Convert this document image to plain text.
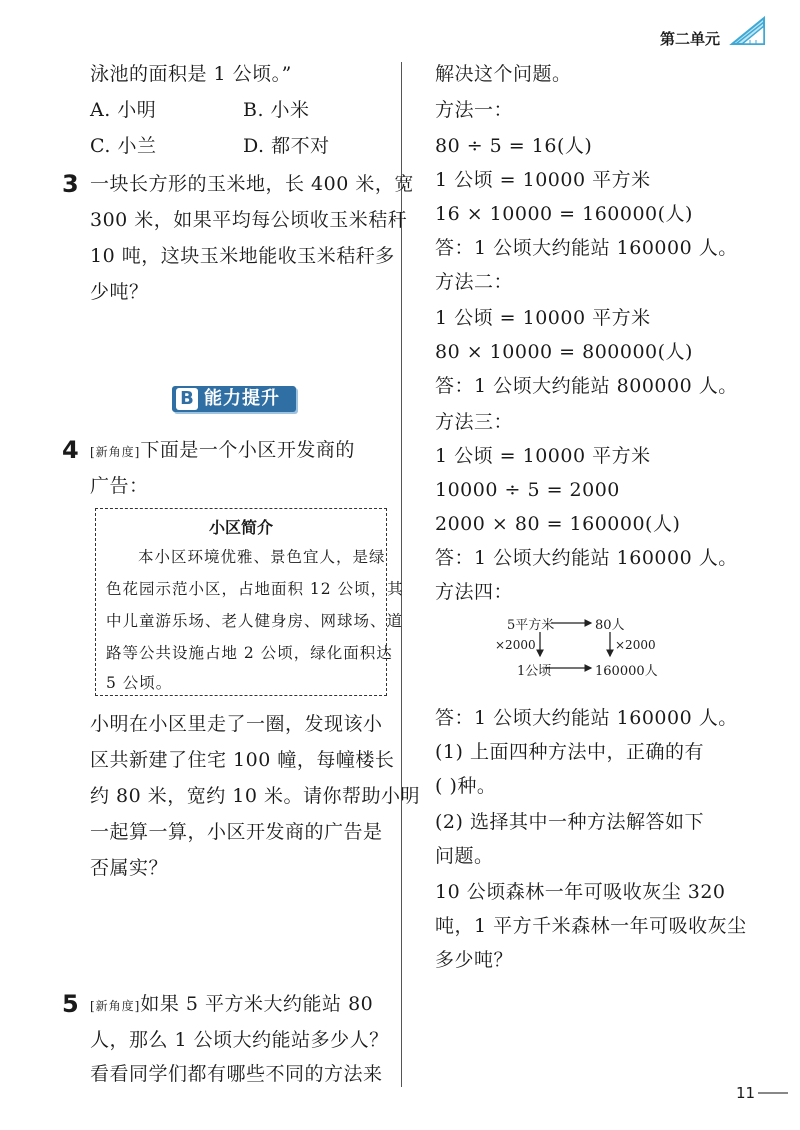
第二单元
泳池的面积是 1 公顷。”
A. 小明	B. 小米
C. 小兰	D. 都不对
3 一块长方形的玉米地，长 400 米，宽
300 米，如果平均每公顷收玉米秸秆
10 吨，这块玉米地能收玉米秸秆多
少吨？
B 能力提升
4 [新角度]下面是一个小区开发商的
广告：
小区简介
本小区环境优雅、景色宜人，是绿
色花园示范小区，占地面积 12 公顷，其
中儿童游乐场、老人健身房、网球场、道
路等公共设施占地 2 公顷，绿化面积达
5 公顷。
小明在小区里走了一圈，发现该小
区共新建了住宅 100 幢，每幢楼长
约 80 米，宽约 10 米。请你帮助小明
一起算一算，小区开发商的广告是
否属实？
5 [新角度]如果 5 平方米大约能站 80
人，那么 1 公顷大约能站多少人？
看看同学们都有哪些不同的方法来
解决这个问题。
方法一：
80 ÷ 5 = 16(人)
1 公顷 = 10000 平方米
16 × 10000 = 160000(人)
答：1 公顷大约能站 160000 人。
方法二：
1 公顷 = 10000 平方米
80 × 10000 = 800000(人)
答：1 公顷大约能站 800000 人。
方法三：
1 公顷 = 10000 平方米
10000 ÷ 5 = 2000
2000 × 80 = 160000(人)
答：1 公顷大约能站 160000 人。
方法四：
5平方米	80人
×2000	×2000
1公顷	160000人
答：1 公顷大约能站 160000 人。
(1) 上面四种方法中，正确的有
( )种。
(2) 选择其中一种方法解答如下
问题。
10 公顷森林一年可吸收灰尘 320
吨，1 平方千米森林一年可吸收灰尘
多少吨？
11
